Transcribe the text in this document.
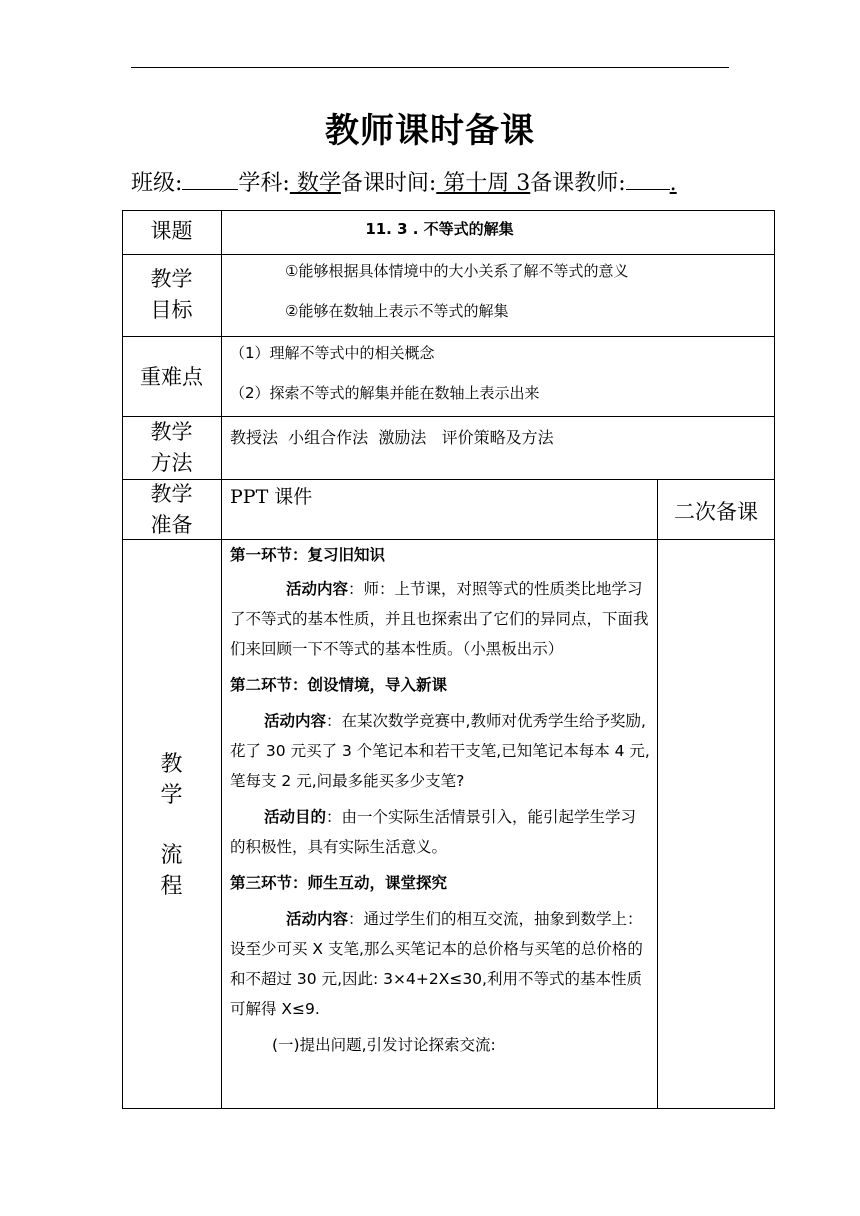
教师课时备课
班级:	学科: 数学备课时间: 第十周 3备课教师: .
课题	11. 3 . 不等式的解集
教学
目标
①能够根据具体情境中的大小关系了解不等式的意义
②能够在数轴上表示不等式的解集
重难点
（1）理解不等式中的相关概念
（2）探索不等式的解集并能在数轴上表示出来
教学
方法
教授法  小组合作法  激励法   评价策略及方法
教学
准备
PPT 课件
二次备课
教
学
流
程

第一环节：复习旧知识

活动内容：师：上节课，对照等式的性质类比地学习了不等式的基本性质，并且也探索出了它们的异同点，下面我们来回顾一下不等式的基本性质。（小黑板出示）

第二环节：创设情境，导入新课

活动内容：在某次数学竞赛中,教师对优秀学生给予奖励,花了 30 元买了 3 个笔记本和若干支笔,已知笔记本每本 4 元,笔每支 2 元,问最多能买多少支笔?

活动目的：由一个实际生活情景引入，能引起学生学习的积极性，具有实际生活意义。

第三环节：师生互动，课堂探究

活动内容：通过学生们的相互交流，抽象到数学上：设至少可买 X 支笔,那么买笔记本的总价格与买笔的总价格的和不超过 30 元,因此: 3×4+2X≤30,利用不等式的基本性质可解得 X≤9.

(一)提出问题,引发讨论探索交流:
